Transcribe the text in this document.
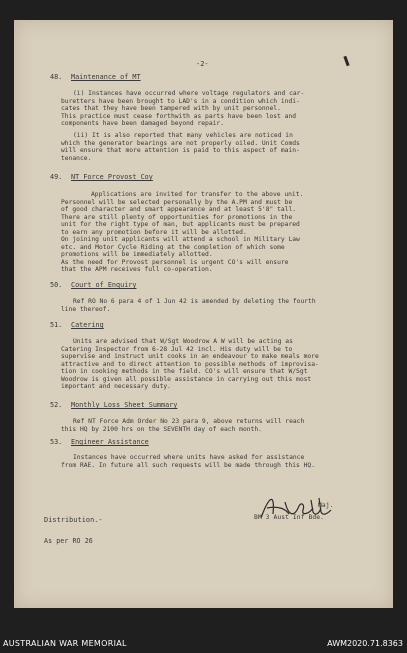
-2-
48. Maintenance of MT
(i) Instances have occurred where voltage regulators and car-
buretters have been brought to LAD's in a condition which indi-
cates that they have been tampered with by unit personnel.
This practice must cease forthwith as parts have been lost and
components have been damaged beyond repair.
(ii) It is also reported that many vehicles are noticed in
which the generator bearings are not properly oiled. Unit Comds
will ensure that more attention is paid to this aspect of main-
tenance.
49. NT Force Provost Coy
Applications are invited for transfer to the above unit.
Personnel will be selected personally by the A.PM and must be
of good character and smart appearance and at least 5'8" tall.
There are still plenty of opportunities for promotions in the
unit for the right type of man, but applicants must be prepared
to earn any promotion before it will be allotted.
On joining unit applicants will attend a school in Military Law
etc. and Motor Cycle Riding at the completion of which some
promotions will be immediately allotted.
As the need for Provost personnel is urgent CO's will ensure
that the APM receives full co-operation.
50. Court of Enquiry
Ref RO No 6 para 4 of 1 Jun 42 is amended by deleting the fourth
line thereof.
51. Catering
Units are advised that W/Sgt Woodrow A W will be acting as
Catering Inspector from 6-28 Jul 42 incl. His duty will be to
supervise and instruct unit cooks in an endeavour to make meals more
attractive and to direct attention to possible methods of improvisa-
tion in cooking methods in the field. CO's will ensure that W/Sgt
Woodrow is given all possible assistance in carrying out this most
important and necessary duty.
52. Monthly Loss Sheet Summary
Ref NT Force Adm Order No 23 para 9, above returns will reach
this HQ by 2100 hrs on the SEVENTH day of each month.
53. Engineer Assistance
Instances have occurred where units have asked for assistance
from RAE. In future all such requests will be made through this HQ.
Maj.
BM 3 Aust Inf Bde.
Distribution.-
As per RO 26
AUSTRALIAN WAR MEMORIAL	AWM2020.71.8363
